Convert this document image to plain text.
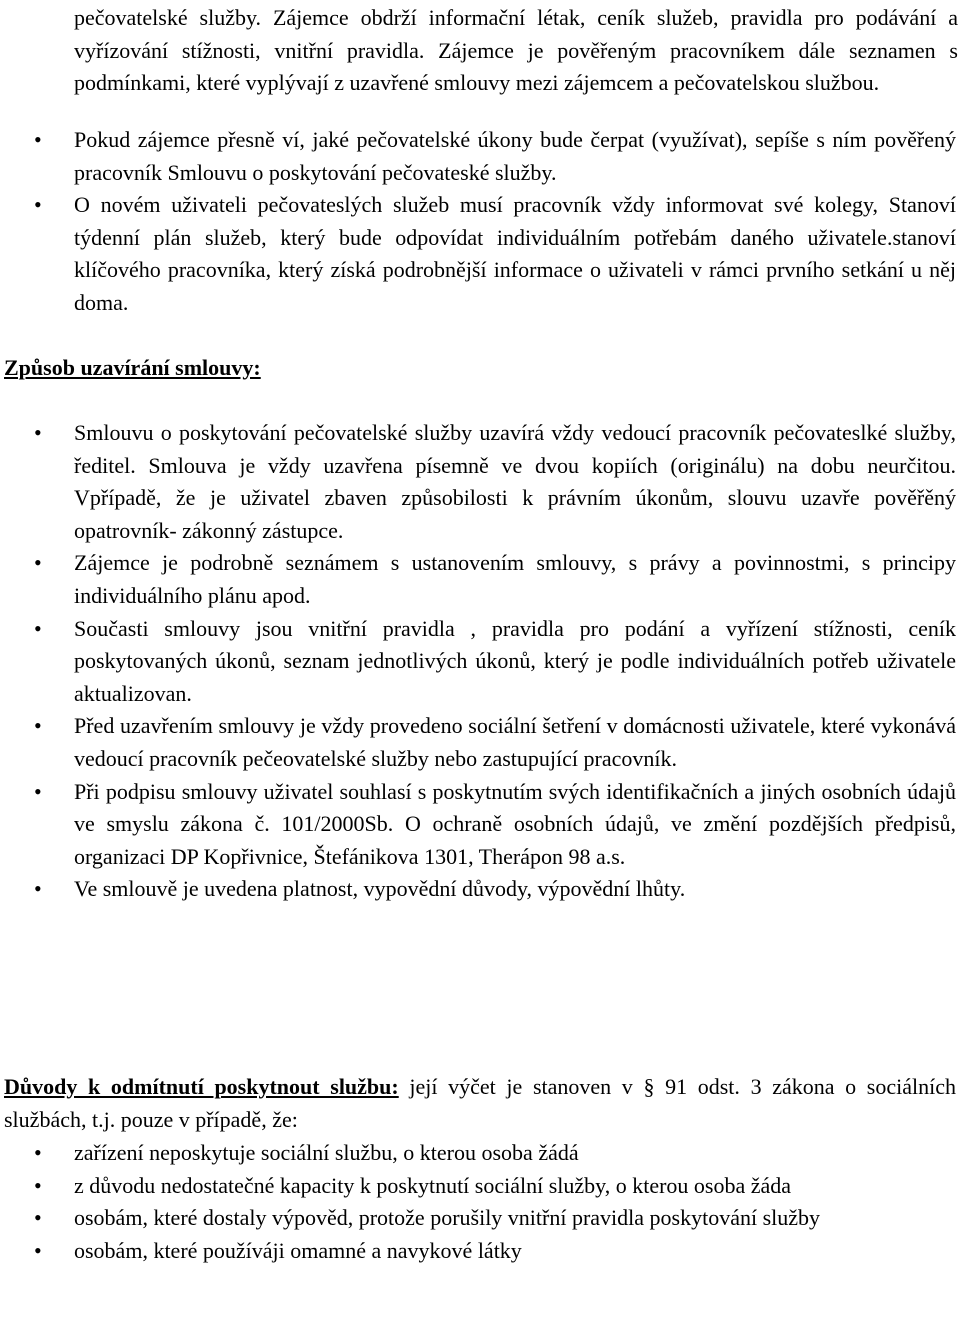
pečovatelské služby. Zájemce obdrží informační létak, ceník služeb, pravidla pro podávání a vyřízování stížnosti, vnitřní pravidla. Zájemce je pověřeným pracovníkem dále seznamen s podmínkami, které vyplývají z uzavřené smlouvy mezi zájemcem a pečovatelskou službou.
• Pokud zájemce přesně ví, jaké pečovatelské úkony bude čerpat (využívat), sepíše s ním pověřený pracovník Smlouvu o poskytování pečovateské služby.
• O novém uživateli pečovateslých služeb musí pracovník vždy informovat své kolegy, Stanoví týdenní plán služeb, který bude odpovídat individuálním potřebám daného uživatele.stanoví klíčového pracovníka, který získá podrobnější informace o uživateli v rámci prvního setkání u něj doma.
Způsob uzavírání smlouvy:
• Smlouvu o poskytování pečovatelské služby uzavírá vždy vedoucí pracovník pečovateslké služby, ředitel. Smlouva je vždy uzavřena písemně ve dvou kopiích (originálu) na dobu neurčitou. Vpřípadě, že je uživatel zbaven způsobilosti k právním úkonům, slouvu uzavře pověřěný opatrovník- zákonný zástupce.
• Zájemce je podrobně seznámem s ustanovením smlouvy, s právy a povinnostmi, s principy individuálního plánu apod.
• Současti smlouvy jsou vnitřní pravidla , pravidla pro podání a vyřízení stížnosti, ceník poskytovaných úkonů, seznam jednotlivých úkonů, který je podle individuálních potřeb uživatele aktualizovan.
• Před uzavřením smlouvy je vždy provedeno sociální šetření v domácnosti uživatele, které vykonává vedoucí pracovník pečeovatelské služby nebo zastupující pracovník.
• Při podpisu smlouvy uživatel souhlasí s poskytnutím svých identifikačních a jiných osobních údajů ve smyslu zákona č. 101/2000Sb. O ochraně osobních údajů, ve změní pozdějších předpisů, organizaci DP Kopřivnice, Štefánikova 1301, Therápon 98 a.s.
• Ve smlouvě je uvedena platnost, vypovědní důvody, výpovědní lhůty.
Důvody k odmítnutí poskytnout službu: její výčet je stanoven v § 91 odst. 3 zákona o sociálních službách, t.j. pouze v případě, že:
• zařízení neposkytuje sociální službu, o kterou osoba žádá
• z důvodu nedostatečné kapacity k poskytnutí sociální služby, o kterou osoba žáda
• osobám, které dostaly výpověd, protože porušily vnitřní pravidla poskytování služby
• osobám, které používáji omamné a navykové látky
